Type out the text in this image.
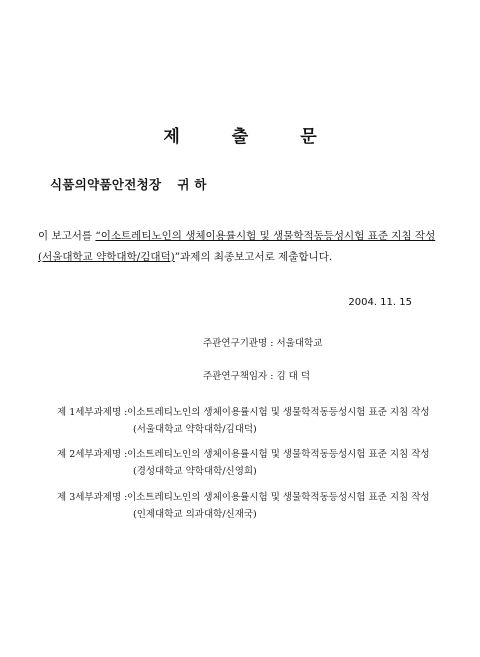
제	출	문
식품의약품안전청장 귀 하
이 보고서를 “이소트레티노인의 생체이용률시험 및 생물학적동등성시험 표준 지침 작성
(서울대학교 약학대학/김대덕)”과제의 최종보고서로 제출합니다.
2004. 11. 15
주관연구기관명 : 서울대학교
주관연구책임자 : 김 대 덕
제 1세부과제명 :이소트레티노인의 생체이용률시험 및 생물학적동등성시험 표준 지침 작성
(서울대학교 약학대학/김대덕)
제 2세부과제명 :이소트레티노인의 생체이용률시험 및 생물학적동등성시험 표준 지침 작성
(경성대학교 약학대학/신영희)
제 3세부과제명 :이소트레티노인의 생체이용률시험 및 생물학적동등성시험 표준 지침 작성
(인제대학교 의과대학/신재국)
